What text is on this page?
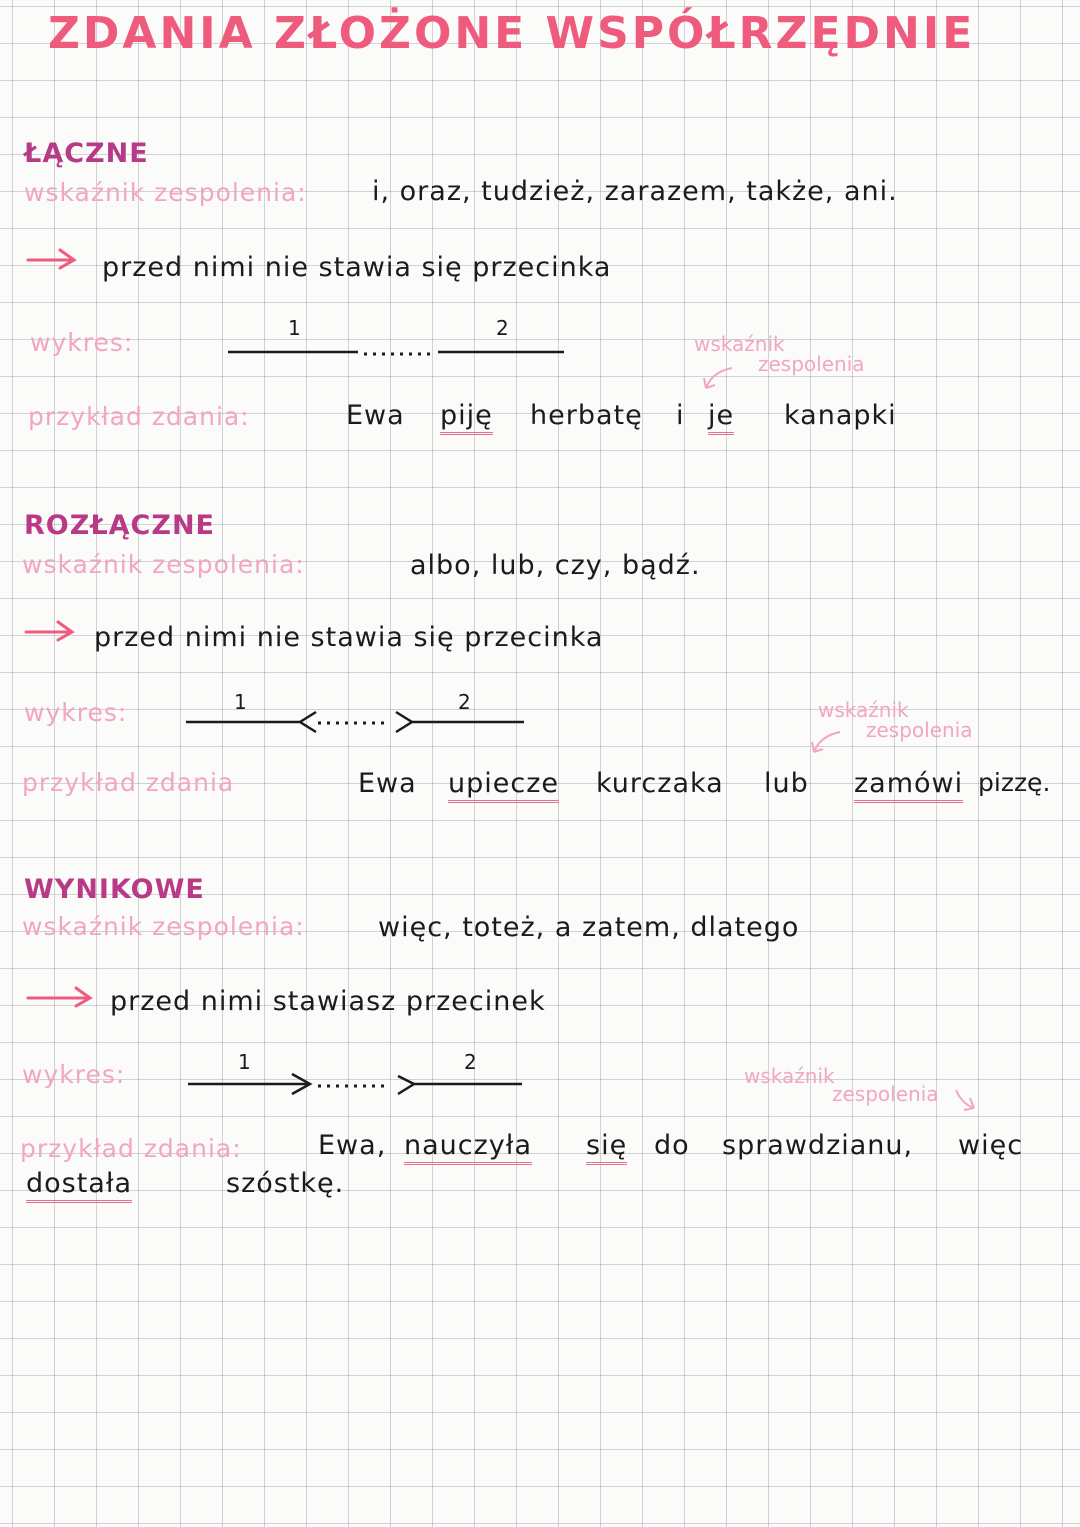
ZDANIA ZŁOŻONE WSPÓŁRZĘDNIE
ŁĄCZNE
wskaźnik zespolenia: i, oraz, tudzież, zarazem, także, ani.
przed nimi nie stawia się przecinka
wykres:	1	2
wskaźnik
zespolenia
przykład zdania:	Ewa piję herbatę i je kanapki
ROZŁĄCZNE
wskaźnik zespolenia:	albo, lub, czy, bądź.
przed nimi nie stawia się przecinka
wykres:	1	2	wskaźnik
zespolenia
przykład zdania	Ewa upiecze kurczaka lub zamówi pizzę.
WYNIKOWE
wskaźnik zespolenia:	więc, toteż, a zatem, dlatego
przed nimi stawiasz przecinek
wykres:	1	2
wskaźnik
zespolenia
przykład zdania:	Ewa, nauczyła się do sprawdzianu, więc
dostała	szóstkę.
